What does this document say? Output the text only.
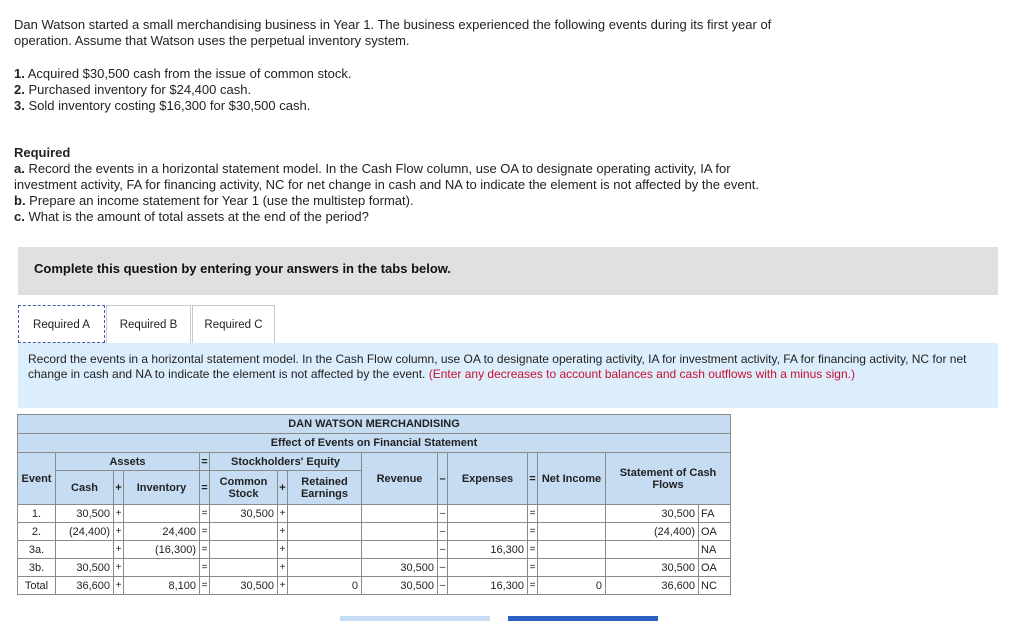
Dan Watson started a small merchandising business in Year 1. The business experienced the following events during its first year of
operation. Assume that Watson uses the perpetual inventory system.
1. Acquired $30,500 cash from the issue of common stock.
2. Purchased inventory for $24,400 cash.
3. Sold inventory costing $16,300 for $30,500 cash.
Required
a. Record the events in a horizontal statement model. In the Cash Flow column, use OA to designate operating activity, IA for
investment activity, FA for financing activity, NC for net change in cash and NA to indicate the element is not affected by the event.
b. Prepare an income statement for Year 1 (use the multistep format).
c. What is the amount of total assets at the end of the period?
Complete this question by entering your answers in the tabs below.
Required A	Required B	Required C
Record the events in a horizontal statement model. In the Cash Flow column, use OA to designate operating activity, IA for investment activity, FA for financing activity, NC for net change in cash and NA to indicate the element is not affected by the event. (Enter any decreases to account balances and cash outflows with a minus sign.)
DAN WATSON MERCHANDISING														
Effect of Events on Financial Statement														
Event	Assets			=	Stockholders' Equity			Revenue	–	Expenses	=	Net Income	Statement of Cash Flows	
	Cash	+	Inventory	=	Common Stock	+	Retained Earnings							
1.	30,500	+		=	30,500	+			–		=		30,500	FA
2.	(24,400)	+	24,400	=		+			–		=		(24,400)	OA
3a.		+	(16,300)	=		+			–	16,300	=			NA
3b.	30,500	+		=		+		30,500	–		=		30,500	OA
Total	36,600	+	8,100	=	30,500	+	0	30,500	–	16,300	=	0	36,600	NC
